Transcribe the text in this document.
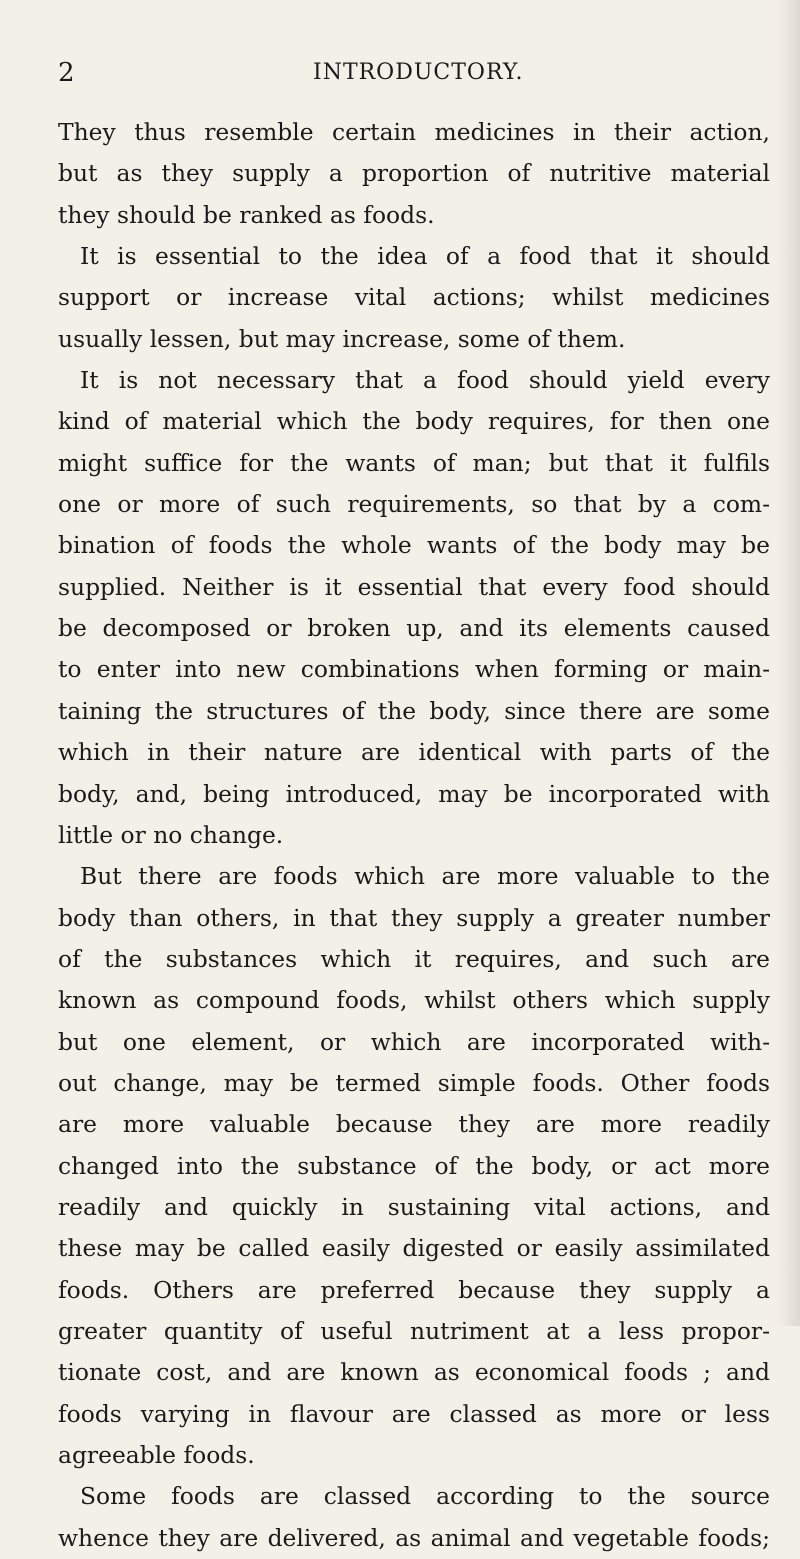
2	INTRODUCTORY.
They thus resemble certain medicines in their action,
but as they supply a proportion of nutritive material
they should be ranked as foods.
It is essential to the idea of a food that it should
support or increase vital actions; whilst medicines
usually lessen, but may increase, some of them.
It is not necessary that a food should yield every
kind of material which the body requires, for then one
might suffice for the wants of man; but that it fulfils
one or more of such requirements, so that by a com-
bination of foods the whole wants of the body may be
supplied. Neither is it essential that every food should
be decomposed or broken up, and its elements caused
to enter into new combinations when forming or main-
taining the structures of the body, since there are some
which in their nature are identical with parts of the
body, and, being introduced, may be incorporated with
little or no change.
But there are foods which are more valuable to the
body than others, in that they supply a greater number
of the substances which it requires, and such are
known as compound foods, whilst others which supply
but one element, or which are incorporated with-
out change, may be termed simple foods. Other foods
are more valuable because they are more readily
changed into the substance of the body, or act more
readily and quickly in sustaining vital actions, and
these may be called easily digested or easily assimilated
foods. Others are preferred because they supply a
greater quantity of useful nutriment at a less propor-
tionate cost, and are known as economical foods ; and
foods varying in flavour are classed as more or less
agreeable foods.
Some foods are classed according to the source
whence they are delivered, as animal and vegetable foods;
